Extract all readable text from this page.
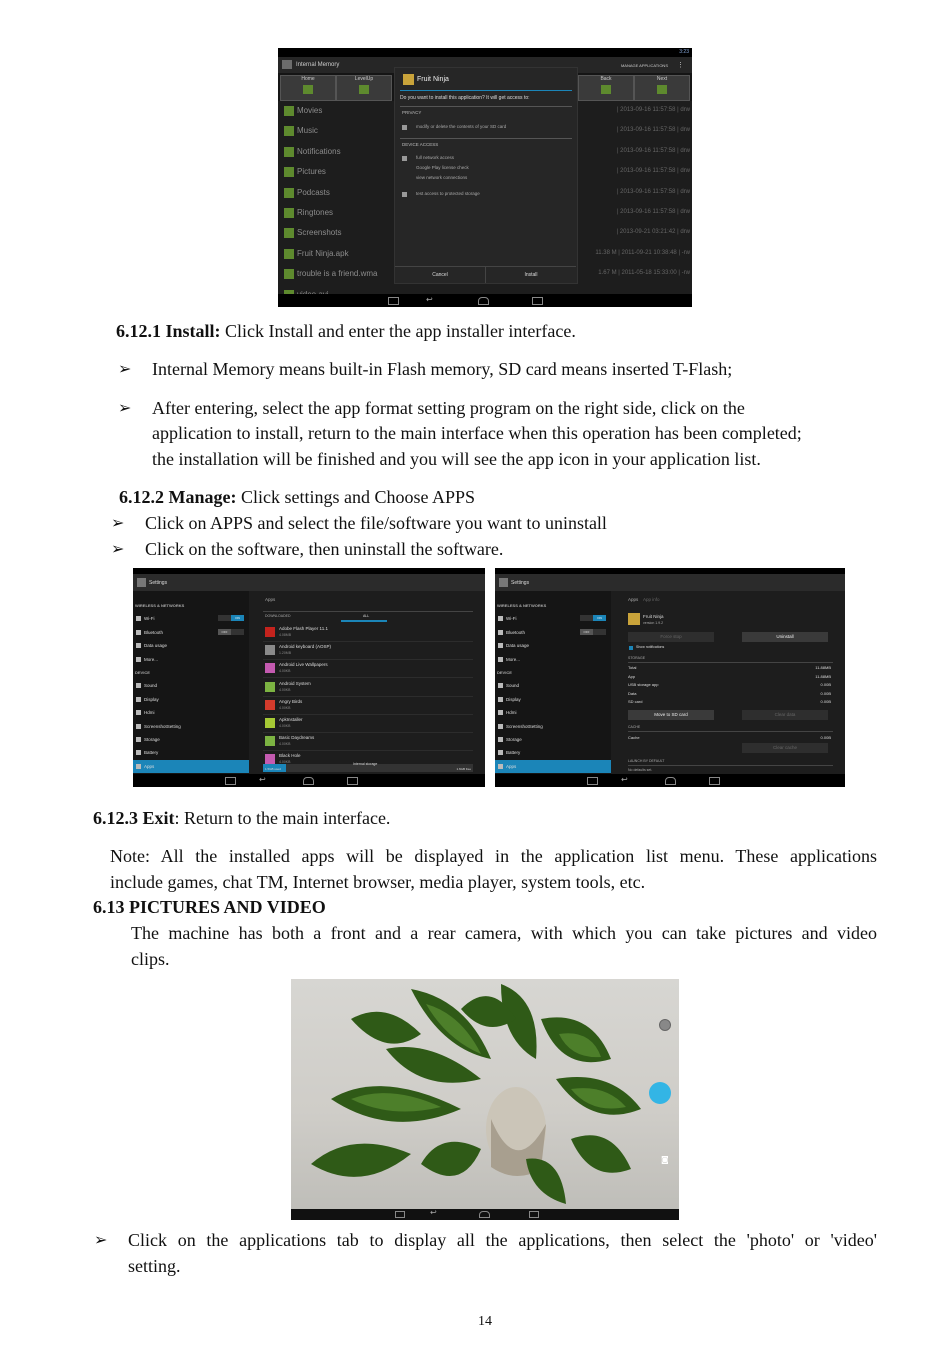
3:23
Internal Memory	MANAGE APPLICATIONS ⋮
Home	LevelUp	Back	Next
Movies	| 2013-09-16 11:57:58 | drw
Music	| 2013-09-16 11:57:58 | drw
Notifications	| 2013-09-16 11:57:58 | drw
Pictures	| 2013-09-16 11:57:58 | drw
Podcasts	| 2013-09-16 11:57:58 | drw
Ringtones	| 2013-09-16 11:57:58 | drw
Screenshots	| 2013-09-21 03:21:42 | drw
Fruit Ninja.apk	11.38 M | 2011-09-21 10:38:48 | -rw
trouble is a friend.wma	1.67 M | 2011-05-18 15:33:00 | -rw
Fruit Ninja
Do you want to install this application? It will get access to:
PRIVACY
modify or delete the contents of your SD card
DEVICE ACCESS
full network access
Google Play license check
view network connections
test access to protected storage
Cancel	Install
↩
6.12.1 Install: Click Install and enter the app installer interface.
➢ Internal Memory means built-in Flash memory, SD card means inserted T-Flash;
➢ After entering, select the app format setting program on the right side, click on the
application to install, return to the main interface when this operation has been completed;
the installation will be finished and you will see the app icon in your application list.
6.12.2 Manage: Click settings and Choose APPS
➢ Click on APPS and select the file/software you want to uninstall
➢ Click on the software, then uninstall the software.
Settings
WIRELESS & NETWORKS
Wi-Fi	ON
Bluetooth	OFF
Data usage
More...
DEVICE
Sound
Display
Hdmi
ScreenshotSetting
Storage
Battery
Apps
Apps
DOWNLOADED	ALL
Adobe Flash Player 11.1
4.08MB
Android keyboard (AOSP)
1.20MB
Android Live Wallpapers
4.00KB
Android System
4.00KB
Angry Birds
4.00KB
ApkInstaller
4.00KB
Basic Daydreams
4.00KB
Black Hole
4.00KB	Internal storage
1.5GB used	1.6GB free
↩
Settings
WIRELESS & NETWORKS
Wi-Fi	ON
Bluetooth	OFF
Data usage
More...
DEVICE
Sound
Display
Hdmi
ScreenshotSetting
Storage
Battery
Apps
Apps App info
Fruit Ninja
version 1.9.2
Force stop	Uninstall
Show notifications
STORAGE
Total	11.88MB
App	11.88MB
USB storage app	0.00B
Data	0.00B
SD card	0.00B
Move to SD card	Clear data
CACHE
Cache	0.00B
Clear cache
LAUNCH BY DEFAULT
No defaults set.
↩
6.12.3 Exit: Return to the main interface.
Note: All the installed apps will be displayed in the application list menu. These applications
include games, chat TM, Internet browser, media player, system tools, etc.
6.13 PICTURES AND VIDEO
The machine has both a front and a rear camera, with which you can take pictures and video
clips.
◙
↩
➢ Click on the applications tab to display all the applications, then select the 'photo' or 'video'
setting.
14
